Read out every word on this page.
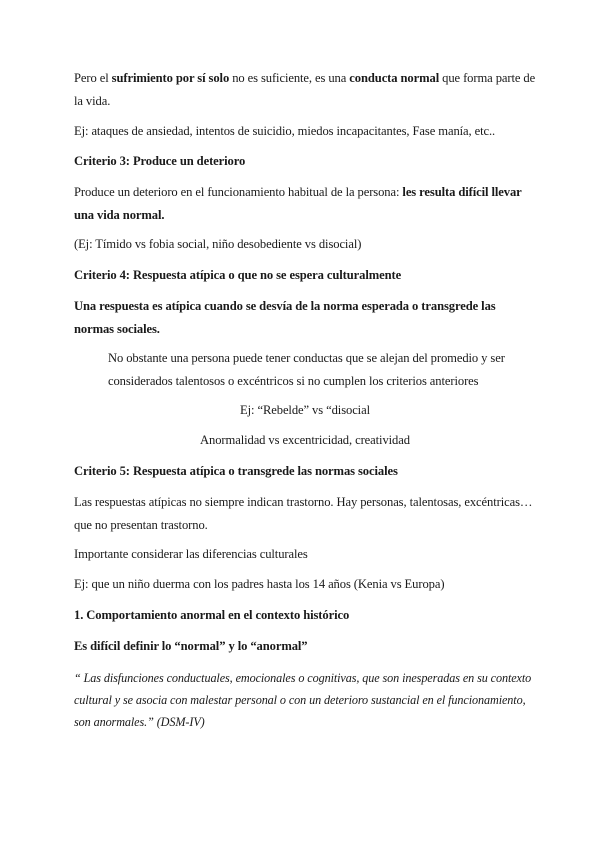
Pero el sufrimiento por sí solo no es suficiente, es una conducta normal que forma parte de la vida.
Ej: ataques de ansiedad, intentos de suicidio, miedos incapacitantes, Fase manía, etc..
Criterio 3: Produce un deterioro
Produce un deterioro en el funcionamiento habitual de la persona: les resulta difícil llevar una vida normal.
(Ej: Tímido vs fobia social, niño desobediente vs disocial)
Criterio 4: Respuesta atípica o que no se espera culturalmente
Una respuesta es atípica cuando se desvía de la norma esperada o transgrede las normas sociales.
No obstante una persona puede tener conductas que se alejan del promedio y ser considerados talentosos o excéntricos si no cumplen los criterios anteriores
Ej: “Rebelde” vs “disocial
Anormalidad vs excentricidad, creatividad
Criterio 5: Respuesta atípica o transgrede las normas sociales
Las respuestas atípicas no siempre indican trastorno. Hay personas, talentosas, excéntricas… que no presentan trastorno.
Importante considerar las diferencias culturales
Ej: que un niño duerma con los padres hasta los 14 años (Kenia vs Europa)
1. Comportamiento anormal en el contexto histórico
Es difícil definir lo “normal” y lo “anormal”
“ Las disfunciones conductuales, emocionales o cognitivas, que son inesperadas en su contexto cultural y se asocia con malestar personal o con un deterioro sustancial en el funcionamiento, son anormales.” (DSM-IV)
